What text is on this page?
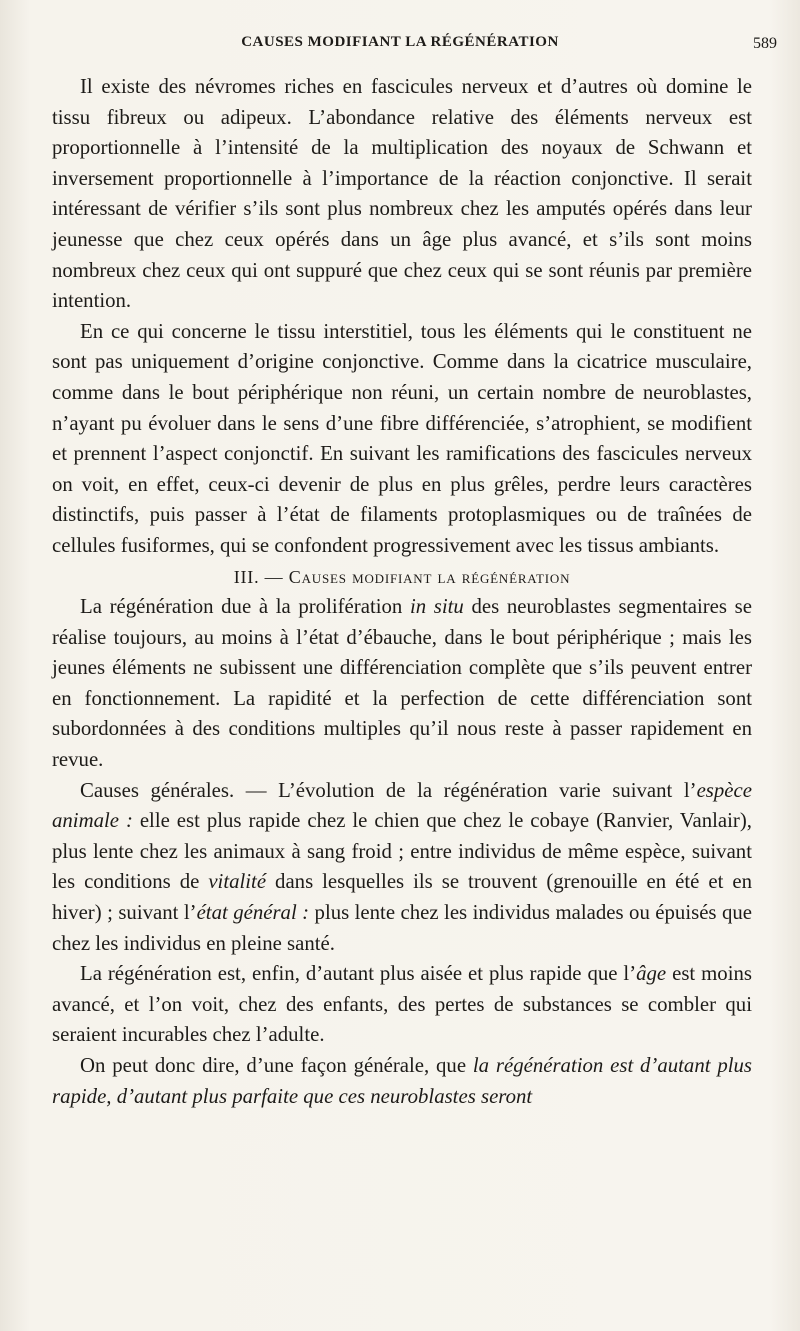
CAUSES MODIFIANT LA RÉGÉNÉRATION	589

Il existe des névromes riches en fascicules nerveux et d’autres où domine le tissu fibreux ou adipeux. L’abondance relative des éléments nerveux est proportionnelle à l’intensité de la multiplication des noyaux de Schwann et inversement proportionnelle à l’importance de la réaction conjonctive. Il serait intéressant de vérifier s’ils sont plus nombreux chez les amputés opérés dans leur jeunesse que chez ceux opérés dans un âge plus avancé, et s’ils sont moins nombreux chez ceux qui ont suppuré que chez ceux qui se sont réunis par première intention.

En ce qui concerne le tissu interstitiel, tous les éléments qui le constituent ne sont pas uniquement d’origine conjonctive. Comme dans la cicatrice musculaire, comme dans le bout périphérique non réuni, un certain nombre de neuroblastes, n’ayant pu évoluer dans le sens d’une fibre différenciée, s’atrophient, se modifient et prennent l’aspect conjonctif. En suivant les ramifications des fascicules nerveux on voit, en effet, ceux-ci devenir de plus en plus grêles, perdre leurs caractères distinctifs, puis passer à l’état de filaments protoplasmiques ou de traînées de cellules fusiformes, qui se confondent progressivement avec les tissus ambiants.

III. — Causes modifiant la régénération

La régénération due à la prolifération in situ des neuroblastes segmentaires se réalise toujours, au moins à l’état d’ébauche, dans le bout périphérique ; mais les jeunes éléments ne subissent une différenciation complète que s’ils peuvent entrer en fonctionnement. La rapidité et la perfection de cette différenciation sont subordonnées à des conditions multiples qu’il nous reste à passer rapidement en revue.

Causes générales. — L’évolution de la régénération varie suivant l’espèce animale : elle est plus rapide chez le chien que chez le cobaye (Ranvier, Vanlair), plus lente chez les animaux à sang froid ; entre individus de même espèce, suivant les conditions de vitalité dans lesquelles ils se trouvent (grenouille en été et en hiver) ; suivant l’état général : plus lente chez les individus malades ou épuisés que chez les individus en pleine santé.

La régénération est, enfin, d’autant plus aisée et plus rapide que l’âge est moins avancé, et l’on voit, chez des enfants, des pertes de substances se combler qui seraient incurables chez l’adulte.

On peut donc dire, d’une façon générale, que la régénération est d’autant plus rapide, d’autant plus parfaite que ces neuroblastes seront
